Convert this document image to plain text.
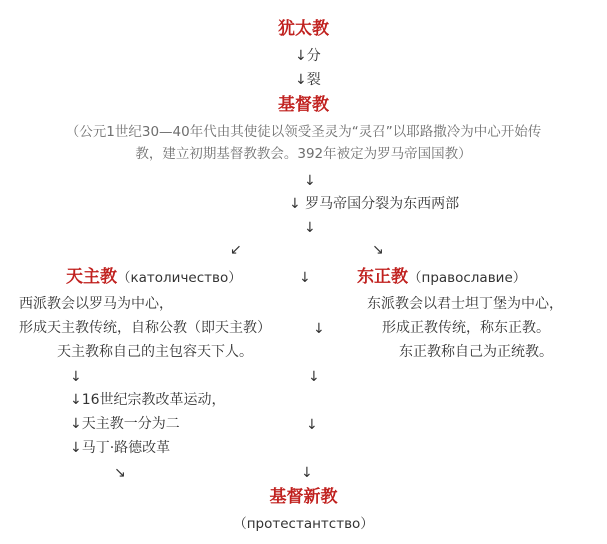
犹太教
↓分
↓裂
基督教
（公元1世纪30—40年代由其使徒以领受圣灵为“灵召”以耶路撒冷为中心开始传
教，建立初期基督教教会。392年被定为罗马帝国国教）
↓
↓ 罗马帝国分裂为东西两部
↓
↙	↘
↓
天主教（католичество）
西派教会以罗马为中心，
形成天主教传统，自称公教（即天主教）	↓
天主教称自己的主包容天下人。
东正教（православие）
东派教会以君士坦丁堡为中心，
形成正教传统，称东正教。
东正教称自己为正统教。
↓	↓
↓16世纪宗教改革运动，
↓天主教一分为二	↓
↓马丁·路德改革
↘	↓
基督新教
（протестантство）
